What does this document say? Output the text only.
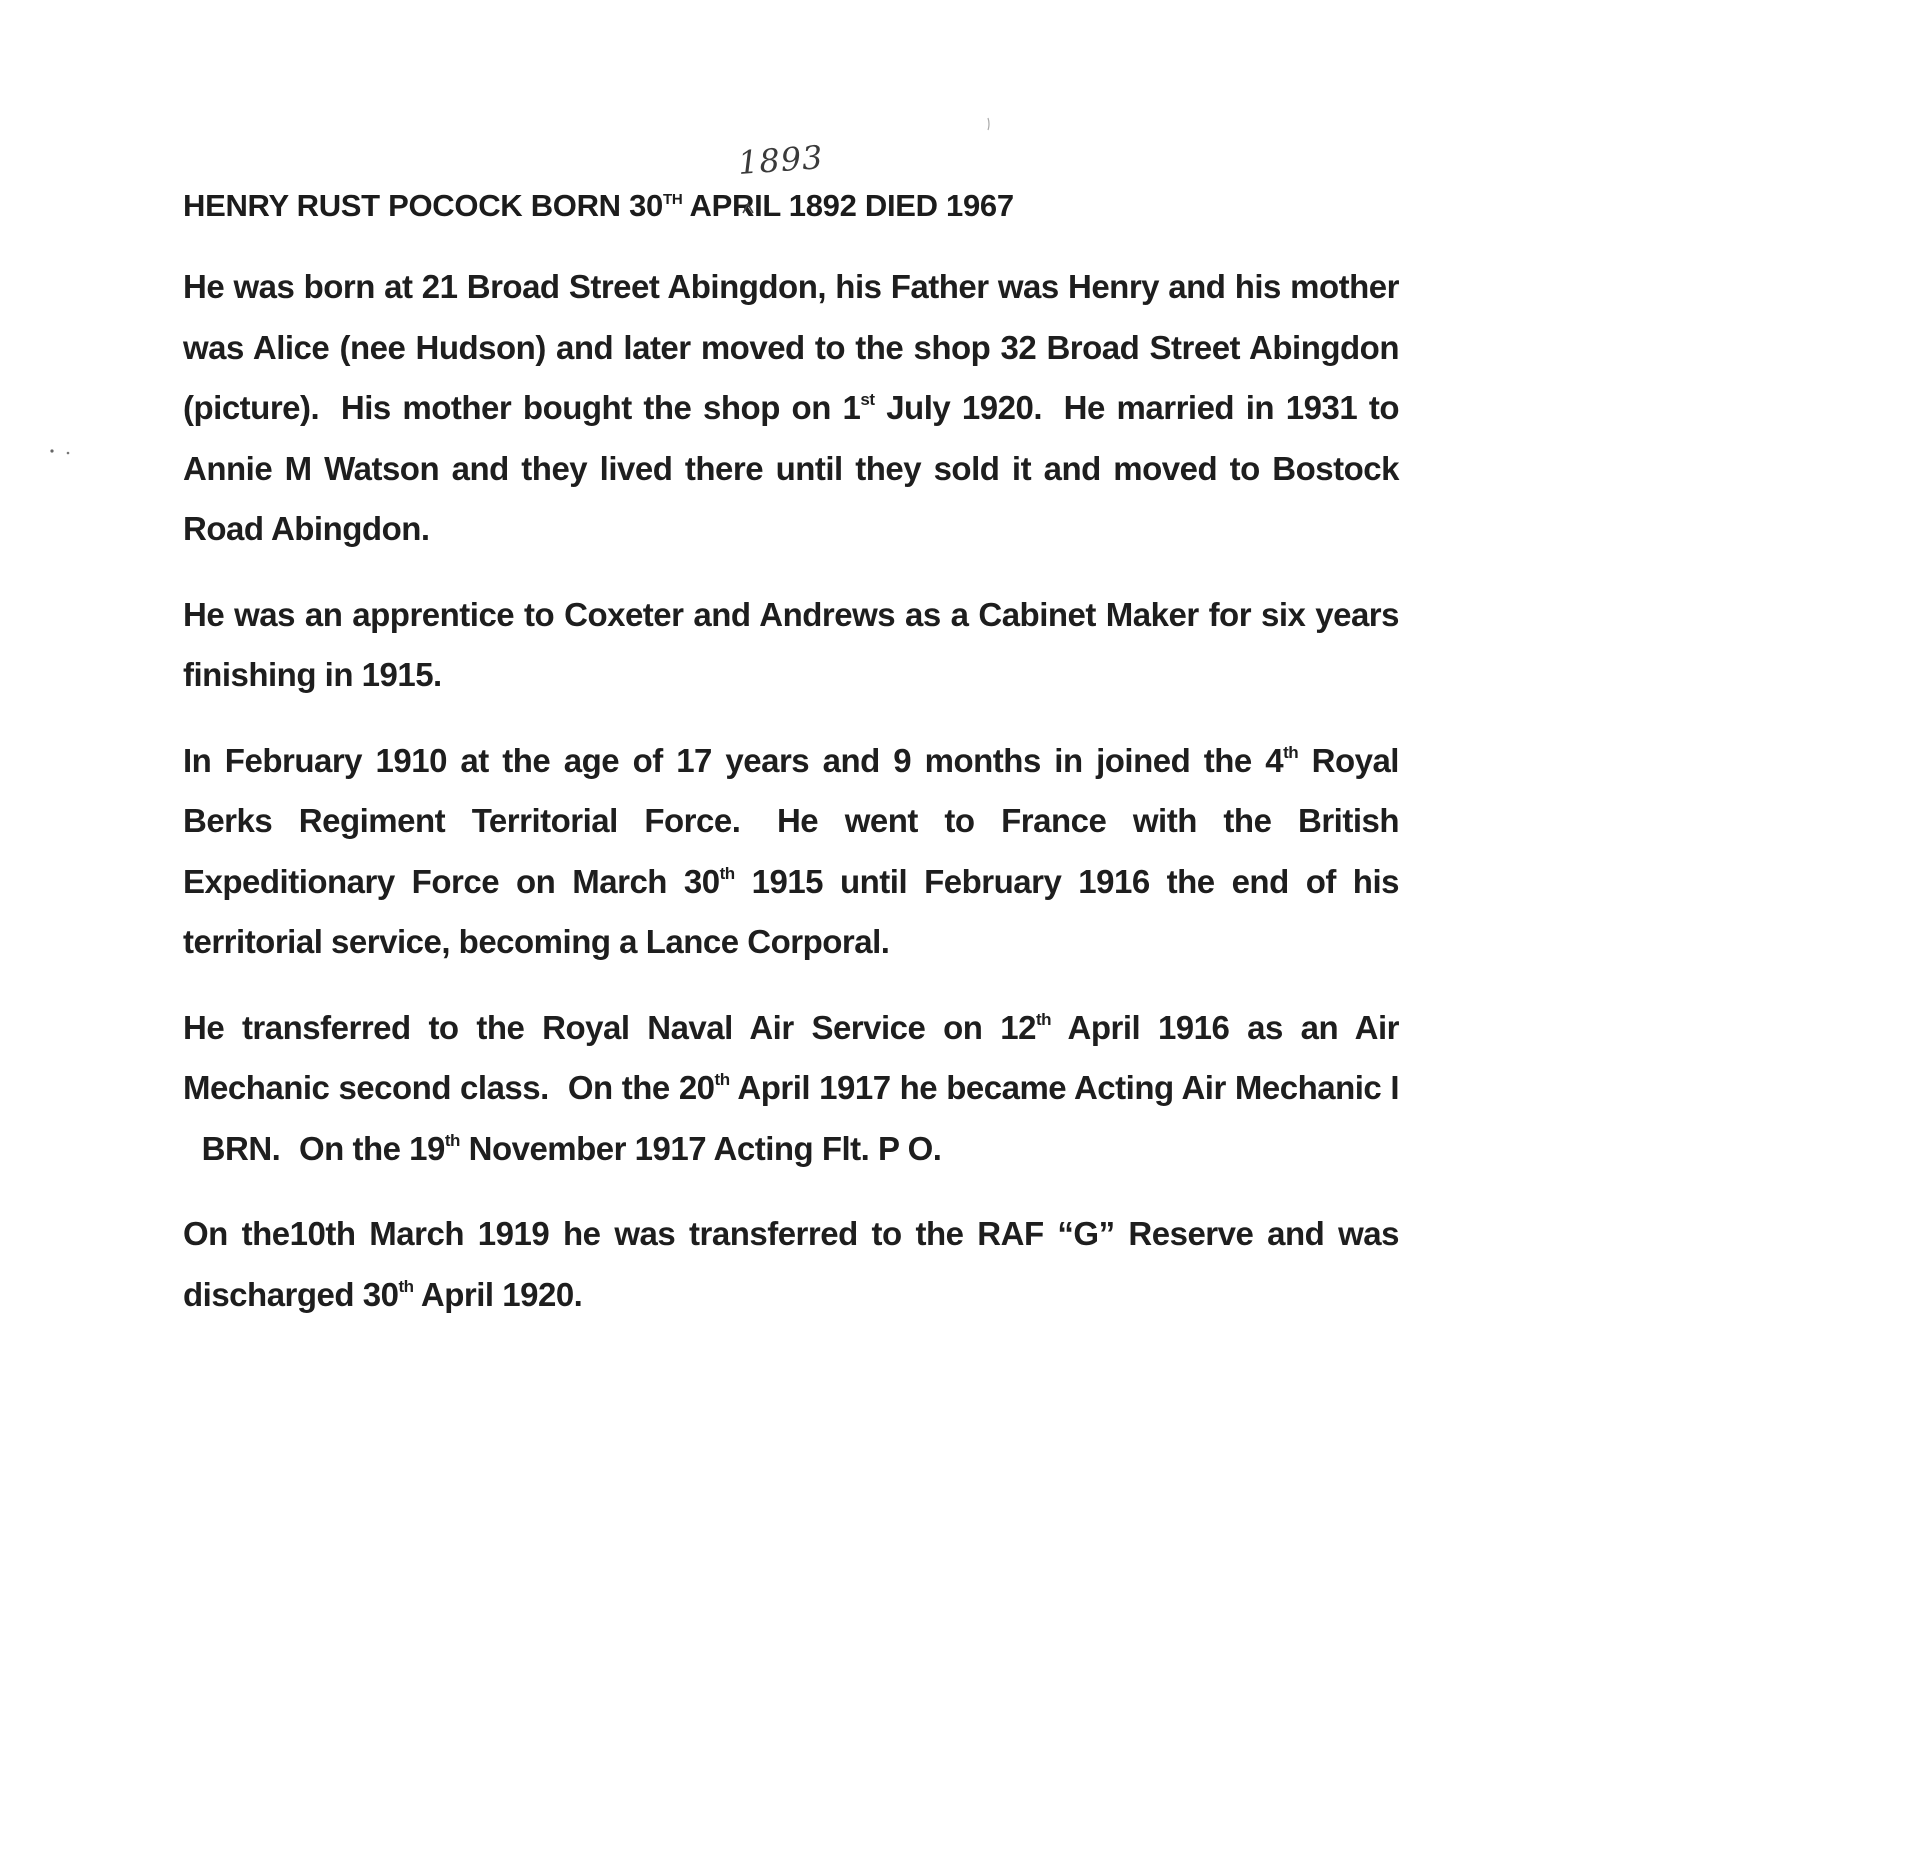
1893
HENRY RUST POCOCK BORN 30TH APRIL 1892 DIED 1967

He was born at 21 Broad Street Abingdon, his Father was Henry and his mother was Alice (nee Hudson) and later moved to the shop 32 Broad Street Abingdon (picture). His mother bought the shop on 1st July 1920. He married in 1931 to Annie M Watson and they lived there until they sold it and moved to Bostock Road Abingdon.

He was an apprentice to Coxeter and Andrews as a Cabinet Maker for six years finishing in 1915.

In February 1910 at the age of 17 years and 9 months in joined the 4th Royal Berks Regiment Territorial Force. He went to France with the British Expeditionary Force on March 30th 1915 until February 1916 the end of his territorial service, becoming a Lance Corporal.

He transferred to the Royal Naval Air Service on 12th April 1916 as an Air Mechanic second class. On the 20th April 1917 he became Acting Air Mechanic I BRN. On the 19th November 1917 Acting Flt. P O.

On the10th March 1919 he was transferred to the RAF “G” Reserve and was discharged 30th April 1920.
